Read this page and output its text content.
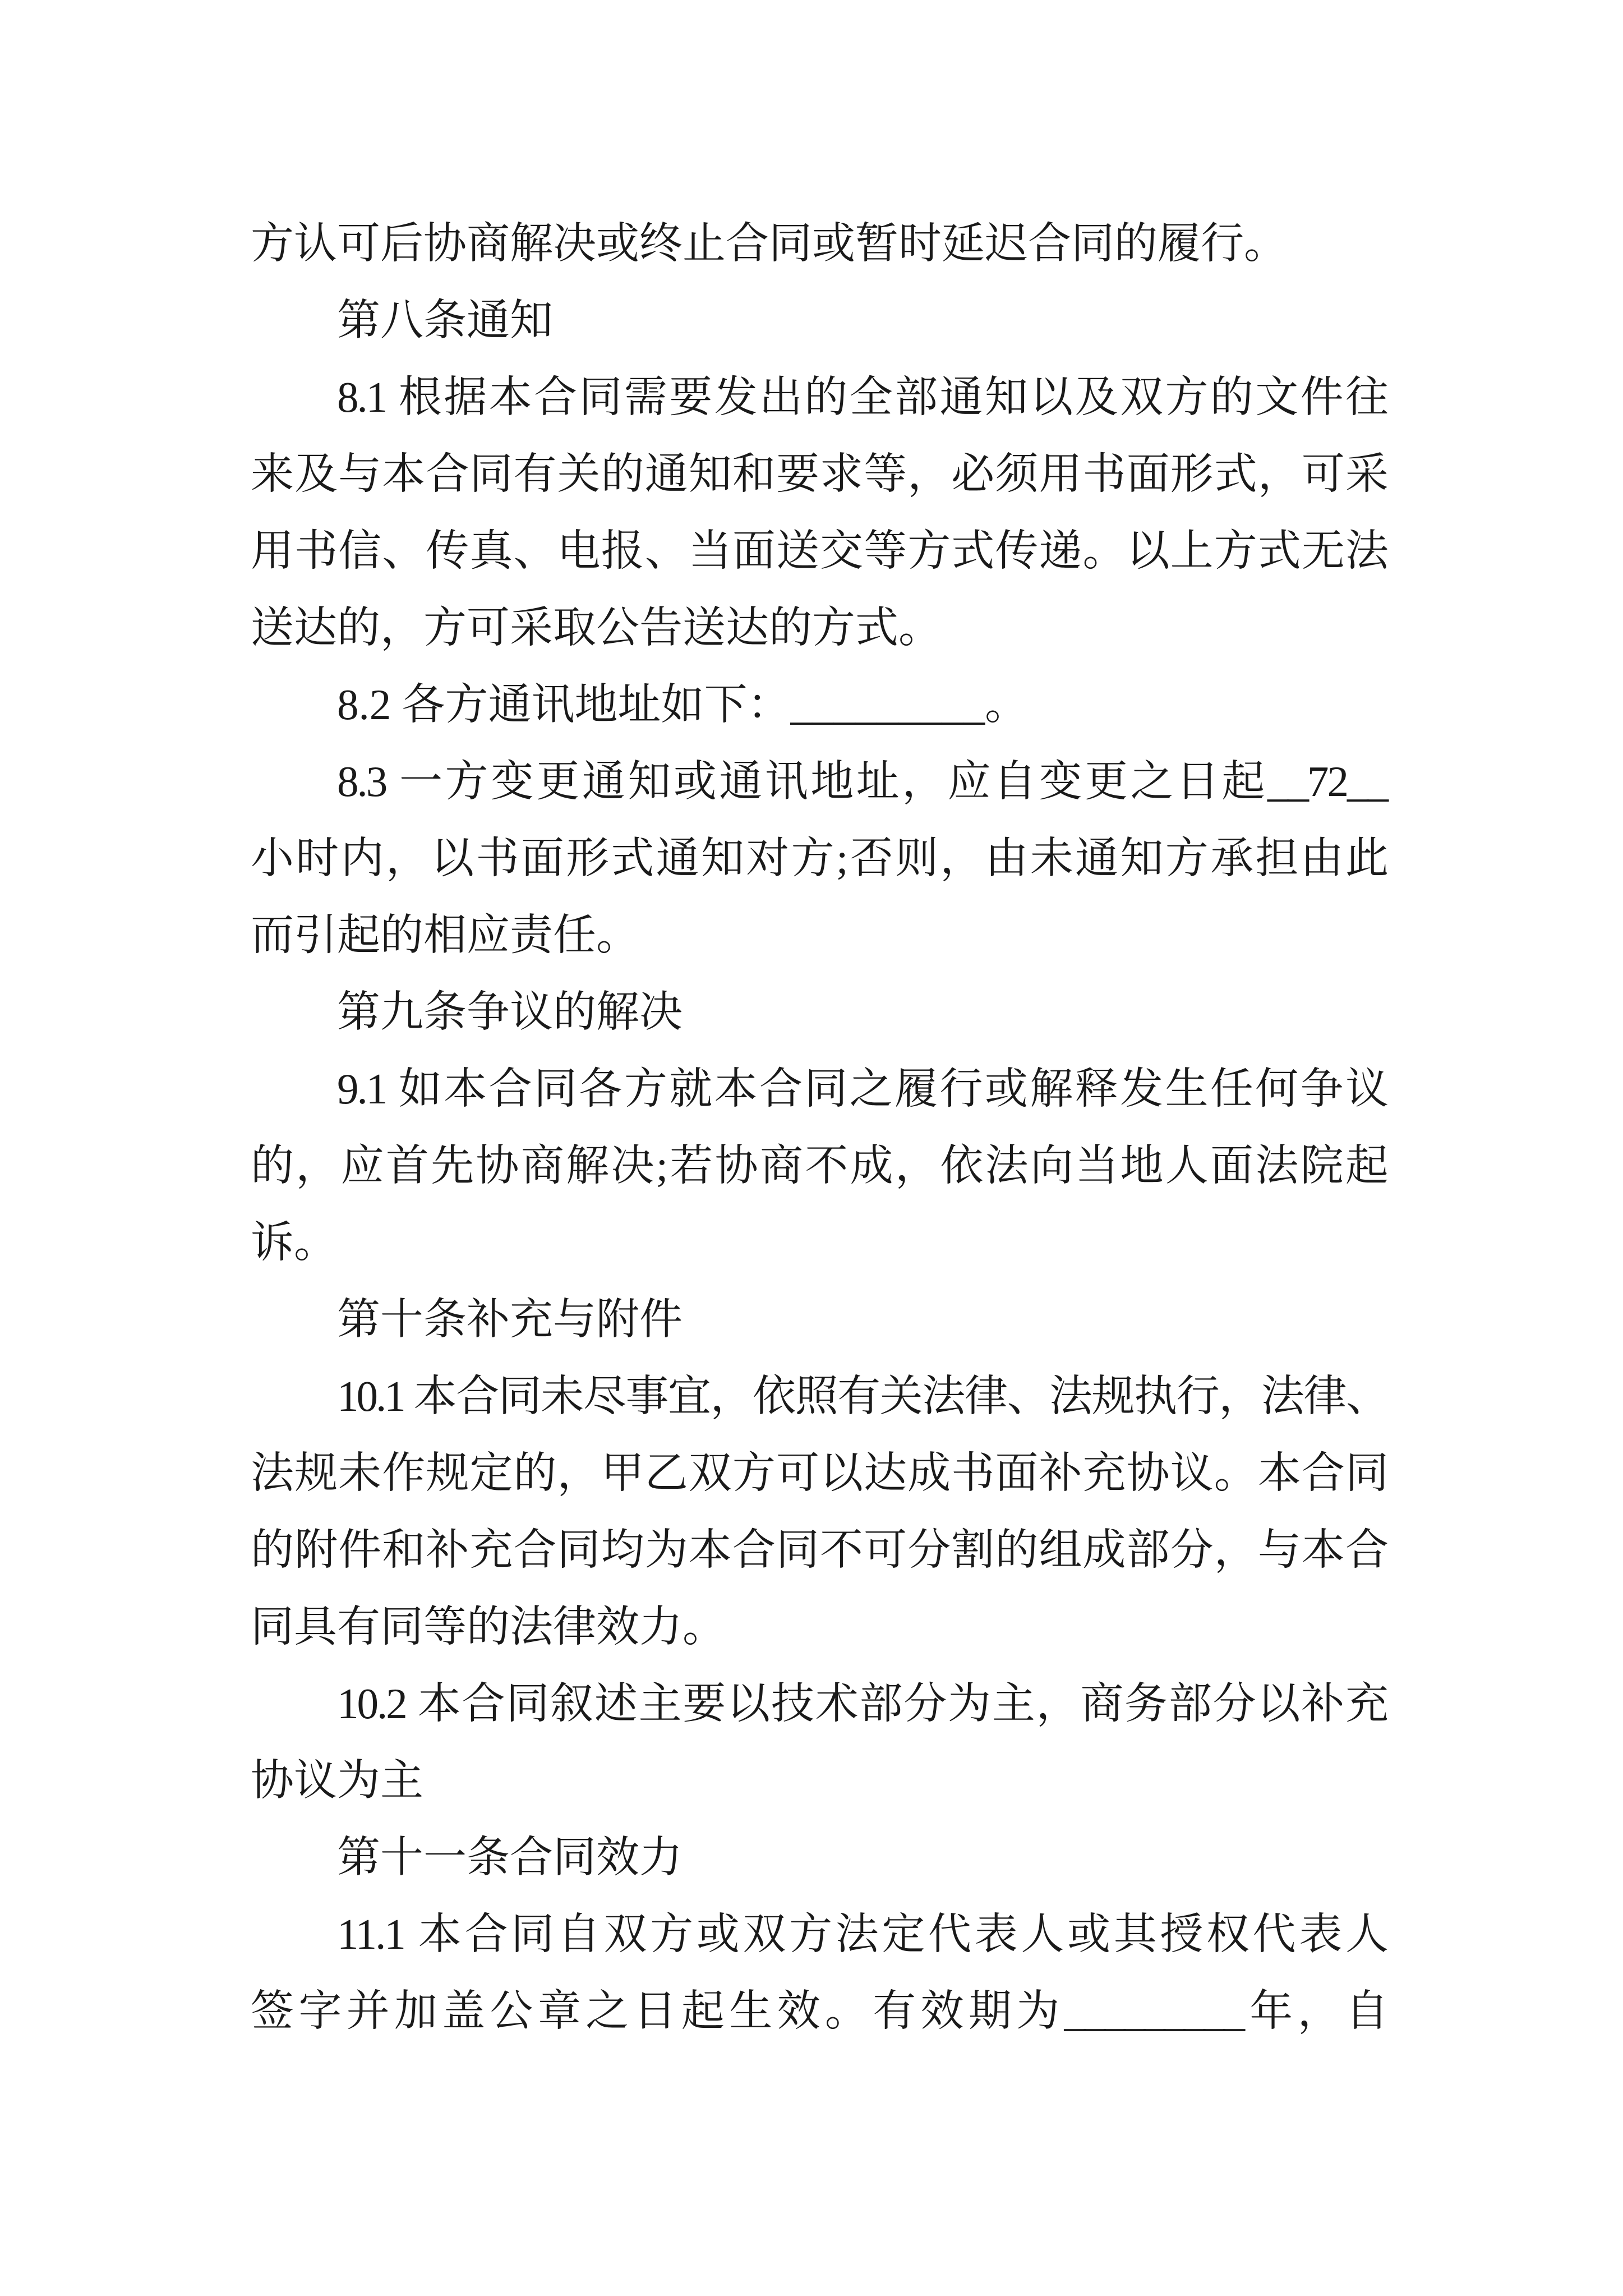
方认可后协商解决或终止合同或暂时延迟合同的履行。

第八条通知

8.1 根据本合同需要发出的全部通知以及双方的文件往

来及与本合同有关的通知和要求等，必须用书面形式，可采

用书信、传真、电报、当面送交等方式传递。以上方式无法

送达的，方可采取公告送达的方式。

8.2 各方通讯地址如下：_________。

8.3 一方变更通知或通讯地址，应自变更之日起__72__

小时内，以书面形式通知对方;否则，由未通知方承担由此

而引起的相应责任。

第九条争议的解决

9.1 如本合同各方就本合同之履行或解释发生任何争议

的，应首先协商解决;若协商不成，依法向当地人面法院起

诉。

第十条补充与附件

10.1 本合同未尽事宜，依照有关法律、法规执行，法律、

法规未作规定的，甲乙双方可以达成书面补充协议。本合同

的附件和补充合同均为本合同不可分割的组成部分，与本合

同具有同等的法律效力。

10.2 本合同叙述主要以技术部分为主，商务部分以补充

协议为主

第十一条合同效力

11.1 本合同自双方或双方法定代表人或其授权代表人

签字并加盖公章之日起生效。有效期为_________年，自
